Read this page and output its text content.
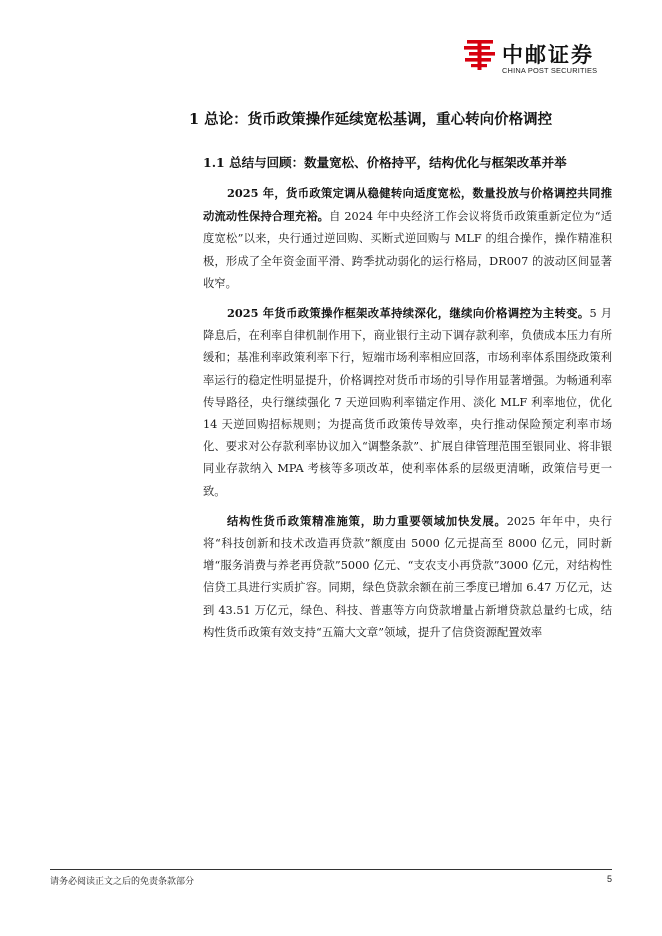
中邮证券
CHINA POST SECURITIES
1 总论：货币政策操作延续宽松基调，重心转向价格调控
1.1 总结与回顾：数量宽松、价格持平，结构优化与框架改革并举

2025 年，货币政策定调从稳健转向适度宽松，数量投放与价格调控共同推动流动性保持合理充裕。自 2024 年中央经济工作会议将货币政策重新定位为“适度宽松”以来，央行通过逆回购、买断式逆回购与 MLF 的组合操作，操作精准积极，形成了全年资金面平滑、跨季扰动弱化的运行格局，DR007 的波动区间显著收窄。

2025 年货币政策操作框架改革持续深化，继续向价格调控为主转变。5 月降息后，在利率自律机制作用下，商业银行主动下调存款利率，负债成本压力有所缓和；基准利率政策利率下行，短端市场利率相应回落，市场利率体系围绕政策利率运行的稳定性明显提升，价格调控对货币市场的引导作用显著增强。为畅通利率传导路径，央行继续强化 7 天逆回购利率锚定作用、淡化 MLF 利率地位，优化 14 天逆回购招标规则；为提高货币政策传导效率，央行推动保险预定利率市场化、要求对公存款利率协议加入“调整条款”、扩展自律管理范围至银同业、将非银同业存款纳入 MPA 考核等多项改革，使利率体系的层级更清晰，政策信号更一致。

结构性货币政策精准施策，助力重要领域加快发展。2025 年年中，央行将“科技创新和技术改造再贷款”额度由 5000 亿元提高至 8000 亿元，同时新增“服务消费与养老再贷款”5000 亿元、“支农支小再贷款”3000 亿元，对结构性信贷工具进行实质扩容。同期，绿色贷款余额在前三季度已增加 6.47 万亿元，达到 43.51 万亿元，绿色、科技、普惠等方向贷款增量占新增贷款总量约七成，结构性货币政策有效支持“五篇大文章”领域，提升了信贷资源配置效率

请务必阅读正文之后的免责条款部分	5
